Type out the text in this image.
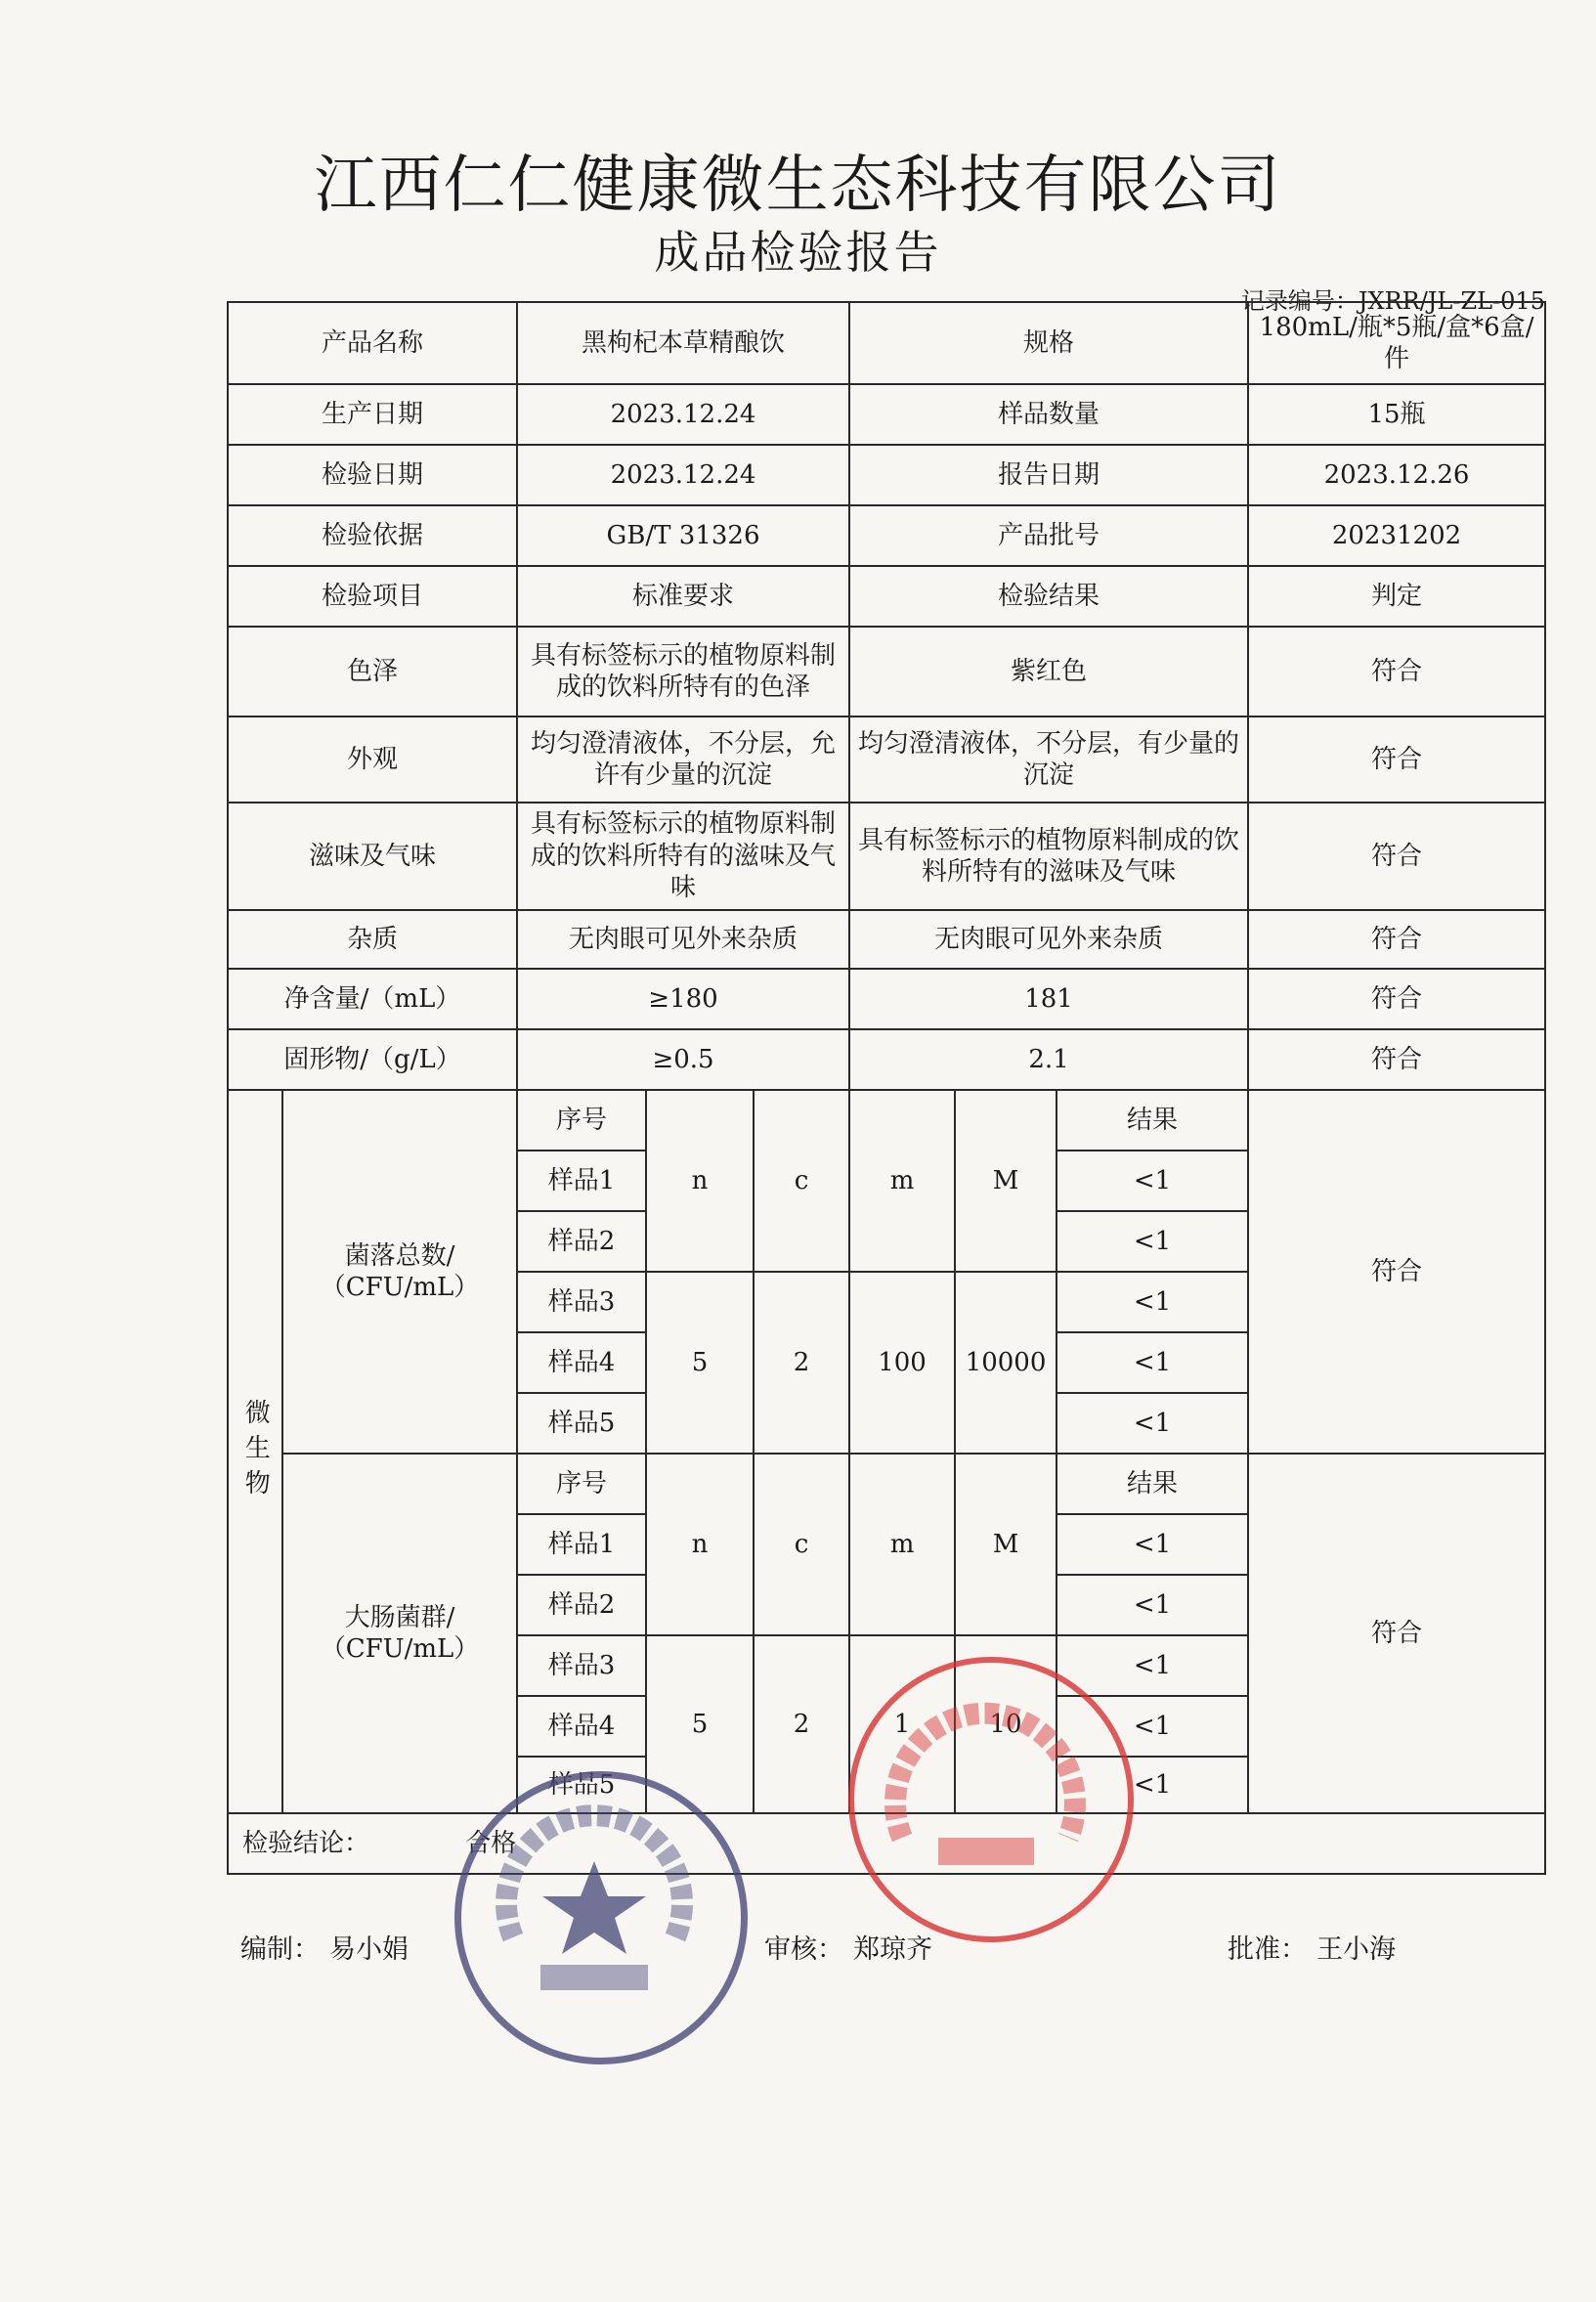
江西仁仁健康微生态科技有限公司
成品检验报告
记录编号：JXRR/JL-ZL-015
产品名称		黑枸杞本草精酿饮			规格			180mL/瓶*5瓶/盒*6盒/件
生产日期		2023.12.24			样品数量			15瓶
检验日期		2023.12.24			报告日期			2023.12.26
检验依据		GB/T 31326			产品批号			20231202
检验项目		标准要求			检验结果			判定
色泽		具有标签标示的植物原料制成的饮料所特有的色泽			紫红色			符合
外观		均匀澄清液体，不分层，允许有少量的沉淀			均匀澄清液体，不分层，有少量的沉淀			符合
滋味及气味		具有标签标示的植物原料制成的饮料所特有的滋味及气味			具有标签标示的植物原料制成的饮料所特有的滋味及气味			符合
杂质		无肉眼可见外来杂质			无肉眼可见外来杂质			符合
净含量/（mL）		≥180			181			符合
固形物/（g/L）		≥0.5			2.1			符合
微生物	菌落总数/（CFU/mL）	序号	n	c	m	M	结果	符合
		样品1					<1	
		样品2					<1	
		样品3	5	2	100	10000	<1	
		样品4					<1	
		样品5					<1	
	大肠菌群/（CFU/mL）	序号	n	c	m	M	结果	符合
		样品1					<1	
		样品2					<1	
		样品3	5	2	1	10	<1	
		样品4					<1	
		样品5					<1	
检验结论： 合格								
编制： 易小娟	审核： 郑琼齐	批准： 王小海
